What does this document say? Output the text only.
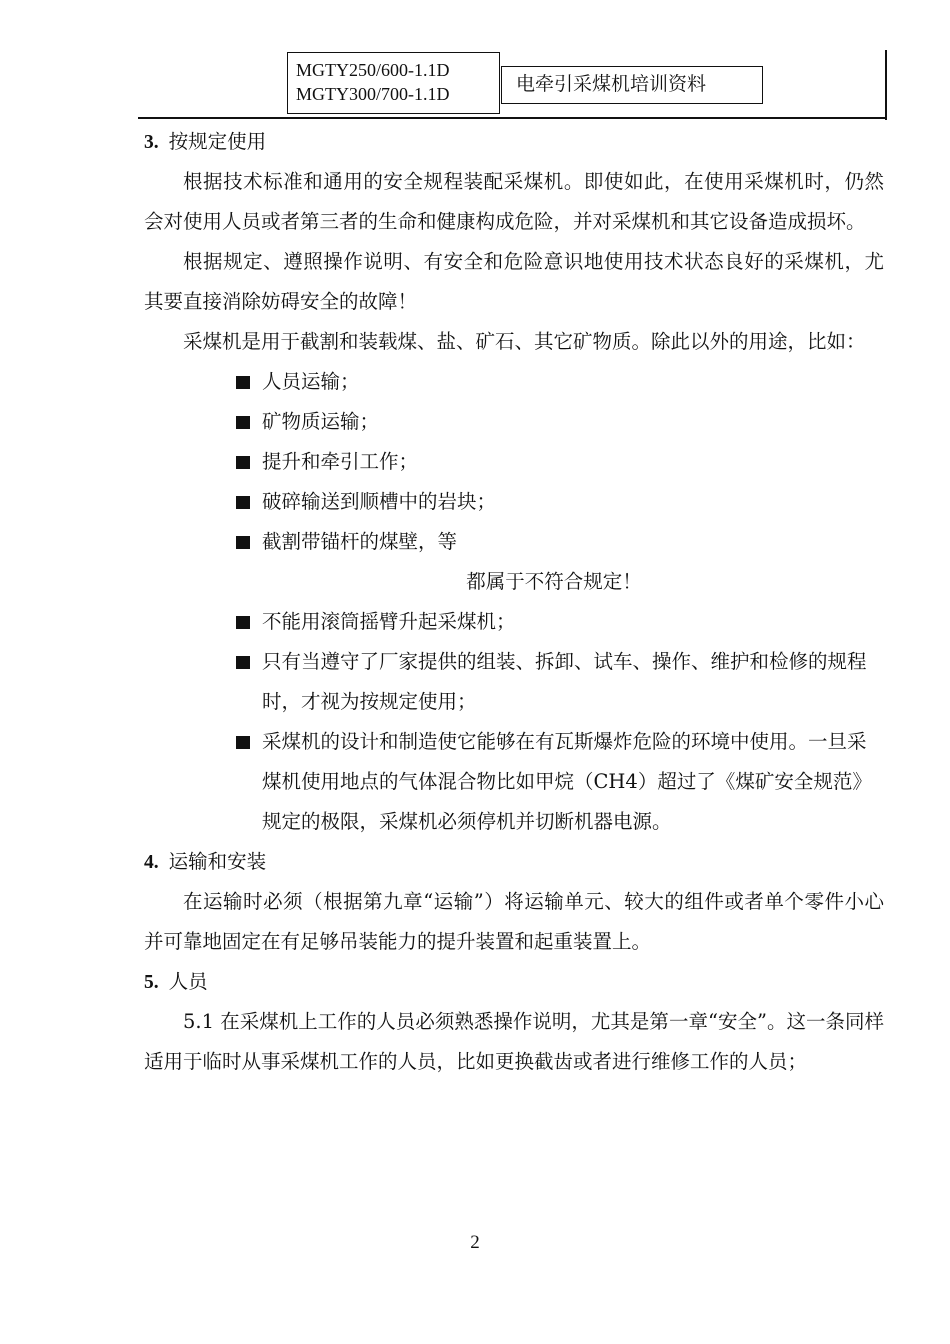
MGTY250/600-1.1D
MGTY300/700-1.1D	电牵引采煤机培训资料
3. 按规定使用

根据技术标准和通用的安全规程装配采煤机。即使如此，在使用采煤机时，仍然会对使用人员或者第三者的生命和健康构成危险，并对采煤机和其它设备造成损坏。

根据规定、遵照操作说明、有安全和危险意识地使用技术状态良好的采煤机，尤其要直接消除妨碍安全的故障！

采煤机是用于截割和装载煤、盐、矿石、其它矿物质。除此以外的用途，比如：

人员运输；
矿物质运输；
提升和牵引工作；
破碎输送到顺槽中的岩块；
截割带锚杆的煤壁，等
都属于不符合规定！
不能用滚筒摇臂升起采煤机；
只有当遵守了厂家提供的组装、拆卸、试车、操作、维护和检修的规程时，才视为按规定使用；
采煤机的设计和制造使它能够在有瓦斯爆炸危险的环境中使用。一旦采煤机使用地点的气体混合物比如甲烷（CH4）超过了《煤矿安全规范》规定的极限，采煤机必须停机并切断机器电源。
4. 运输和安装

在运输时必须（根据第九章“运输”）将运输单元、较大的组件或者单个零件小心并可靠地固定在有足够吊装能力的提升装置和起重装置上。

5. 人员

5.1 在采煤机上工作的人员必须熟悉操作说明，尤其是第一章“安全”。这一条同样适用于临时从事采煤机工作的人员，比如更换截齿或者进行维修工作的人员；

2
